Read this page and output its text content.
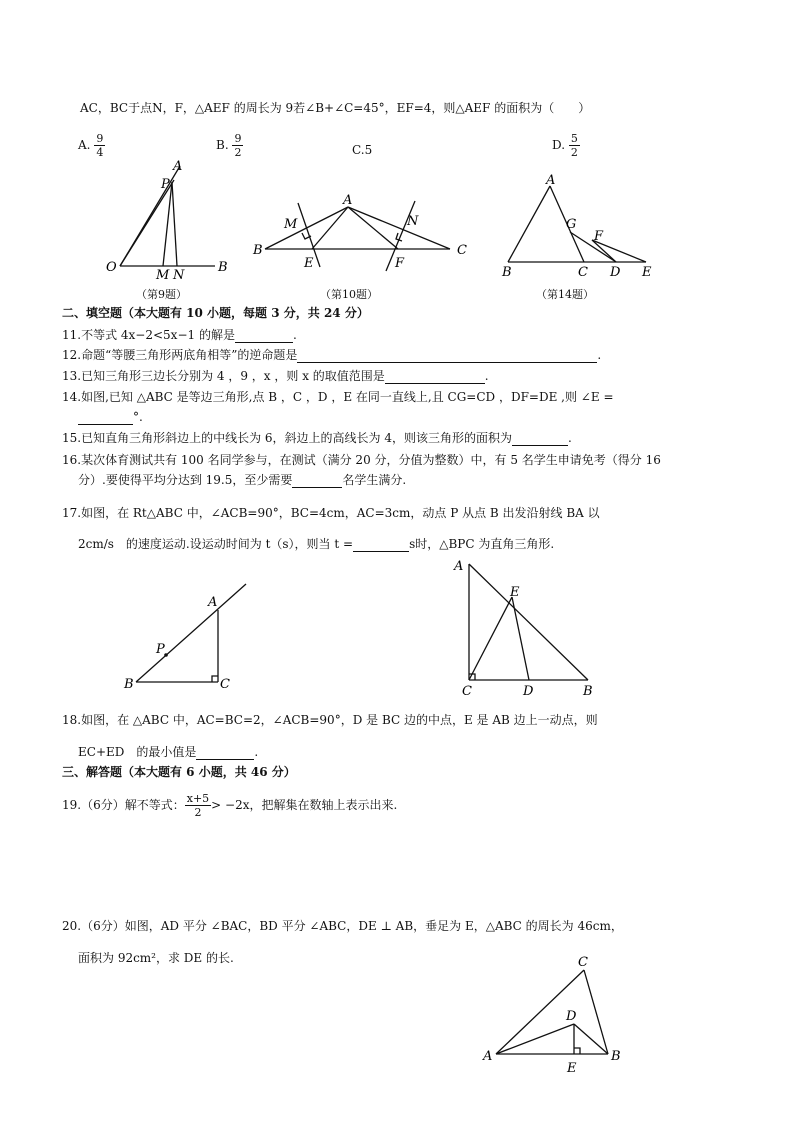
AC，BC于点N，F，△AEF 的周长为 9若∠B+∠C=45°，EF=4，则△AEF 的面积为（　　）
A. $\frac{9}{4}$	B. $\frac{9}{2}$	C.5	D. $\frac{5}{2}$
A
P
O
M N
B
（第9题）
A
B	C
M	N
E	F
（第10题）
A
G
F
B	C D E
（第14题）
二、填空题（本大题有 10 小题，每题 3 分，共 24 分）
11.不等式 4x−2<5x−1 的解是	.
12.命题“等腰三角形两底角相等”的逆命题是	.
13.已知三角形三边长分别为 4 ，9 ，x ，则 x 的取值范围是	.
14.如图,已知 △ABC 是等边三角形,点 B ，C ，D ，E 在同一直线上,且 CG=CD ，DF=DE ,则 ∠E =
°.
15.已知直角三角形斜边上的中线长为 6，斜边上的高线长为 4，则该三角形的面积为	.
16.某次体育测试共有 100 名同学参与，在测试（满分 20 分，分值为整数）中，有 5 名学生申请免考（得分 16
分）.要使得平均分达到 19.5，至少需要	名学生满分.
17.如图，在 Rt△ABC 中，∠ACB=90°，BC=4cm，AC=3cm，动点 P 从点 B 出发沿射线 BA 以
2cm/s　的速度运动.设运动时间为 t（s），则当 t =	s时，△BPC 为直角三角形.
A
P
B	C
A
E
C	D	B
18.如图，在 △ABC 中，AC=BC=2，∠ACB=90°，D 是 BC 边的中点，E 是 AB 边上一动点，则
EC+ED　的最小值是	.
三、解答题（本大题有 6 小题，共 46 分）
19.（6分）解不等式： $\frac{x+5}{2} > -2x$，把解集在数轴上表示出来.
20.（6分）如图，AD 平分 ∠BAC，BD 平分 ∠ABC，DE ⊥ AB，垂足为 E，△ABC 的周长为 46cm，
面积为 92cm²，求 DE 的长.	C
D
A	B
E
